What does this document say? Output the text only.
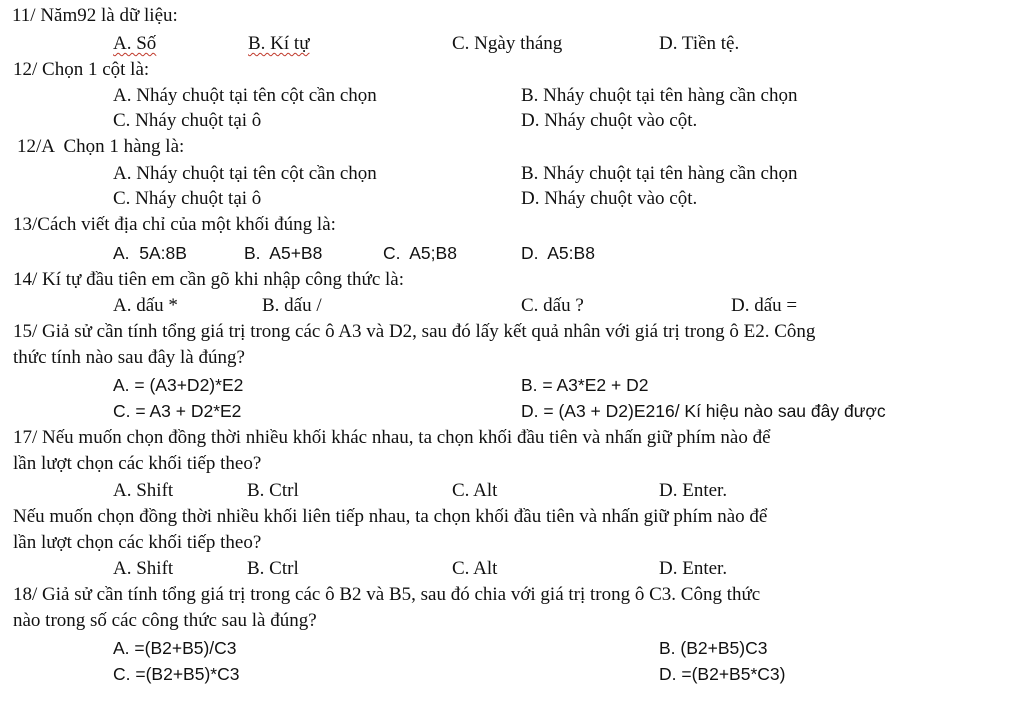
11/ Năm92 là dữ liệu:
A. Số	B. Kí tự	C. Ngày tháng	D. Tiền tệ.
12/ Chọn 1 cột là:
A. Nháy chuột tại tên cột cần chọn	B. Nháy chuột tại tên hàng cần chọn
C. Nháy chuột tại ô	D. Nháy chuột vào cột.
12/A  Chọn 1 hàng là:
A. Nháy chuột tại tên cột cần chọn	B. Nháy chuột tại tên hàng cần chọn
C. Nháy chuột tại ô	D. Nháy chuột vào cột.
13/Cách viết địa chỉ của một khối đúng là:
A.  5A:8B	B.  A5+B8	C.  A5;B8	D.  A5:B8
14/ Kí tự đầu tiên em cần gõ khi nhập công thức là:
A. dấu *	B. dấu /	C. dấu ?	D. dấu =
15/ Giả sử cần tính tổng giá trị trong các ô A3 và D2, sau đó lấy kết quả nhân với giá trị trong ô E2. Công
thức tính nào sau đây là đúng?
A. = (A3+D2)*E2	B. = A3*E2 + D2
C. = A3 + D2*E2	D. = (A3 + D2)E216/ Kí hiệu nào sau đây được
17/ Nếu muốn chọn đồng thời nhiều khối khác nhau, ta chọn khối đầu tiên và nhấn giữ phím nào để
lần lượt chọn các khối tiếp theo?
A. Shift	B. Ctrl	C. Alt	D. Enter.
Nếu muốn chọn đồng thời nhiều khối liên tiếp nhau, ta chọn khối đầu tiên và nhấn giữ phím nào để
lần lượt chọn các khối tiếp theo?
A. Shift	B. Ctrl	C. Alt	D. Enter.
18/ Giả sử cần tính tổng giá trị trong các ô B2 và B5, sau đó chia với giá trị trong ô C3. Công thức
nào trong số các công thức sau là đúng?
A. =(B2+B5)/C3	B. (B2+B5)C3
C. =(B2+B5)*C3	D. =(B2+B5*C3)
